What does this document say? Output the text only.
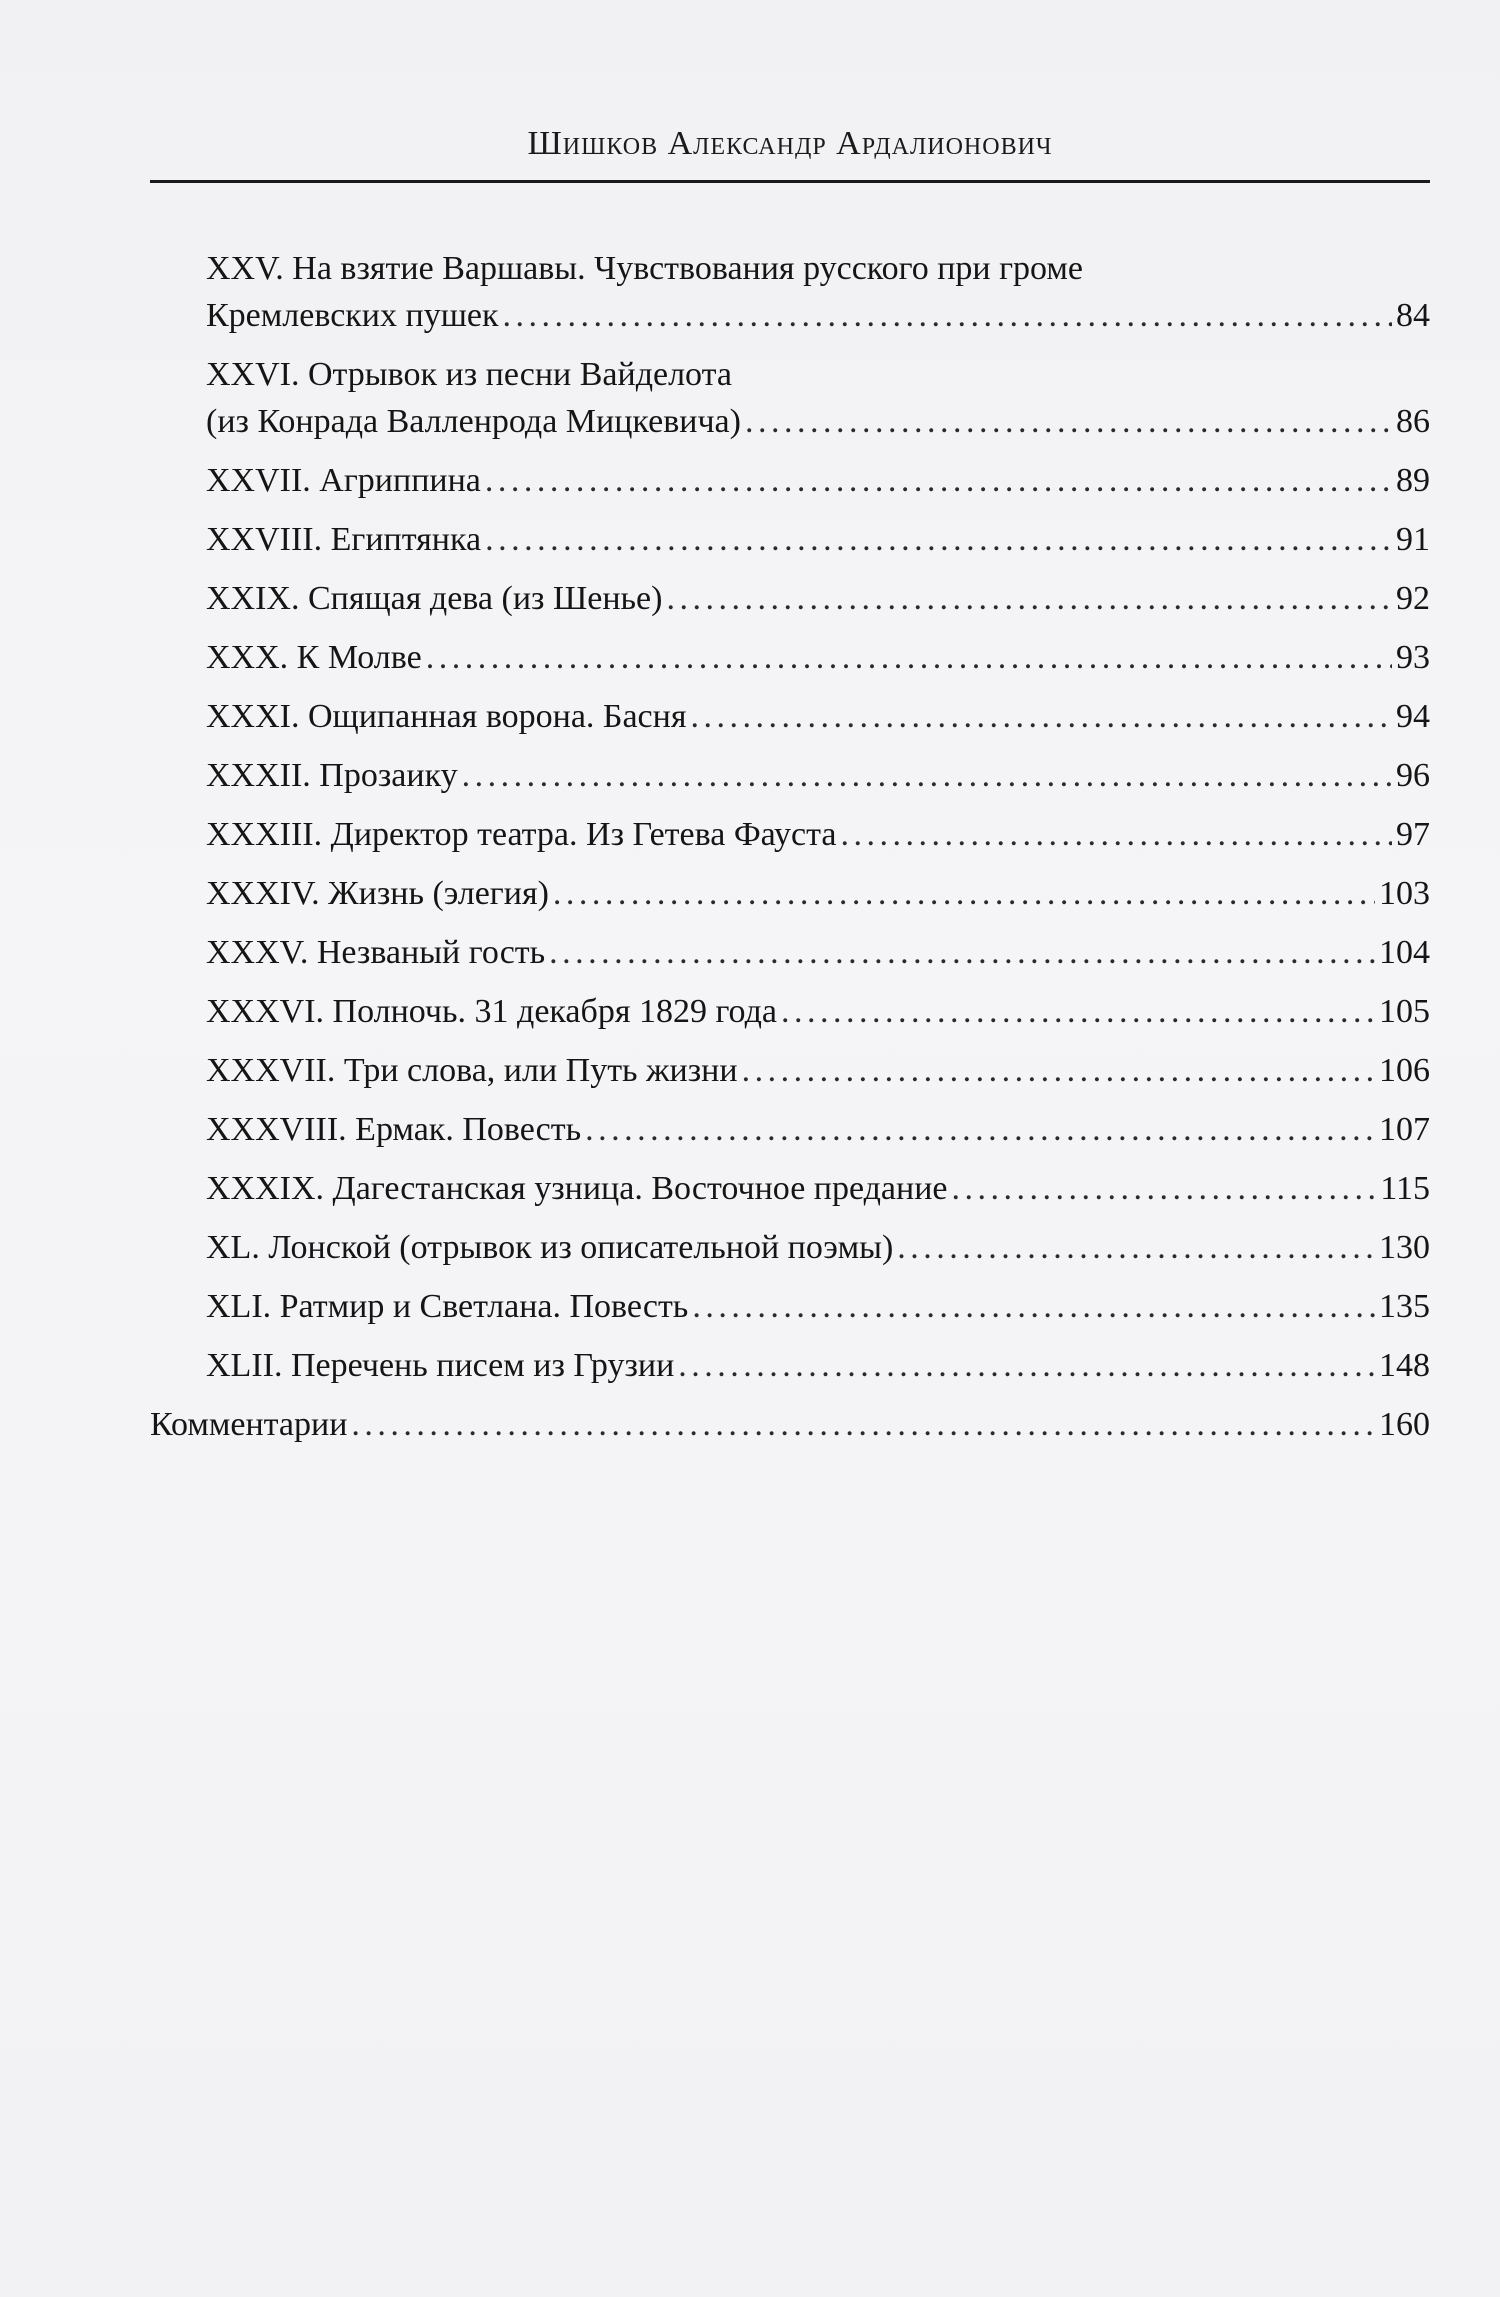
Шишков Александр Ардалионович
XXV. На взятие Варшавы. Чувствования русского при громе
Кремлевских пушек . . .	84
XXVI. Отрывок из песни Вайделота
(из Конрада Валленрода Мицкевича) . . .	86
XXVII. Агриппина . . .	89
XXVIII. Египтянка . . .	91
XXIX. Спящая дева (из Шенье) . . .	92
XXX. К Молве . . .	93
XXXI. Ощипанная ворона. Басня . . .	94
XXXII. Прозаику . . .	96
XXXIII. Директор театра. Из Гетева Фауста . . .	97
XXXIV. Жизнь (элегия) . . .	103
XXXV. Незваный гость . . .	104
XXXVI. Полночь. 31 декабря 1829 года . . .	105
XXXVII. Три слова, или Путь жизни . . .	106
XXXVIII. Ермак. Повесть . . .	107
XXXIX. Дагестанская узница. Восточное предание . . .	115
XL. Лонской (отрывок из описательной поэмы) . . .	130
XLI. Ратмир и Светлана. Повесть . . .	135
XLII. Перечень писем из Грузии . . .	148
Комментарии . . .	160
